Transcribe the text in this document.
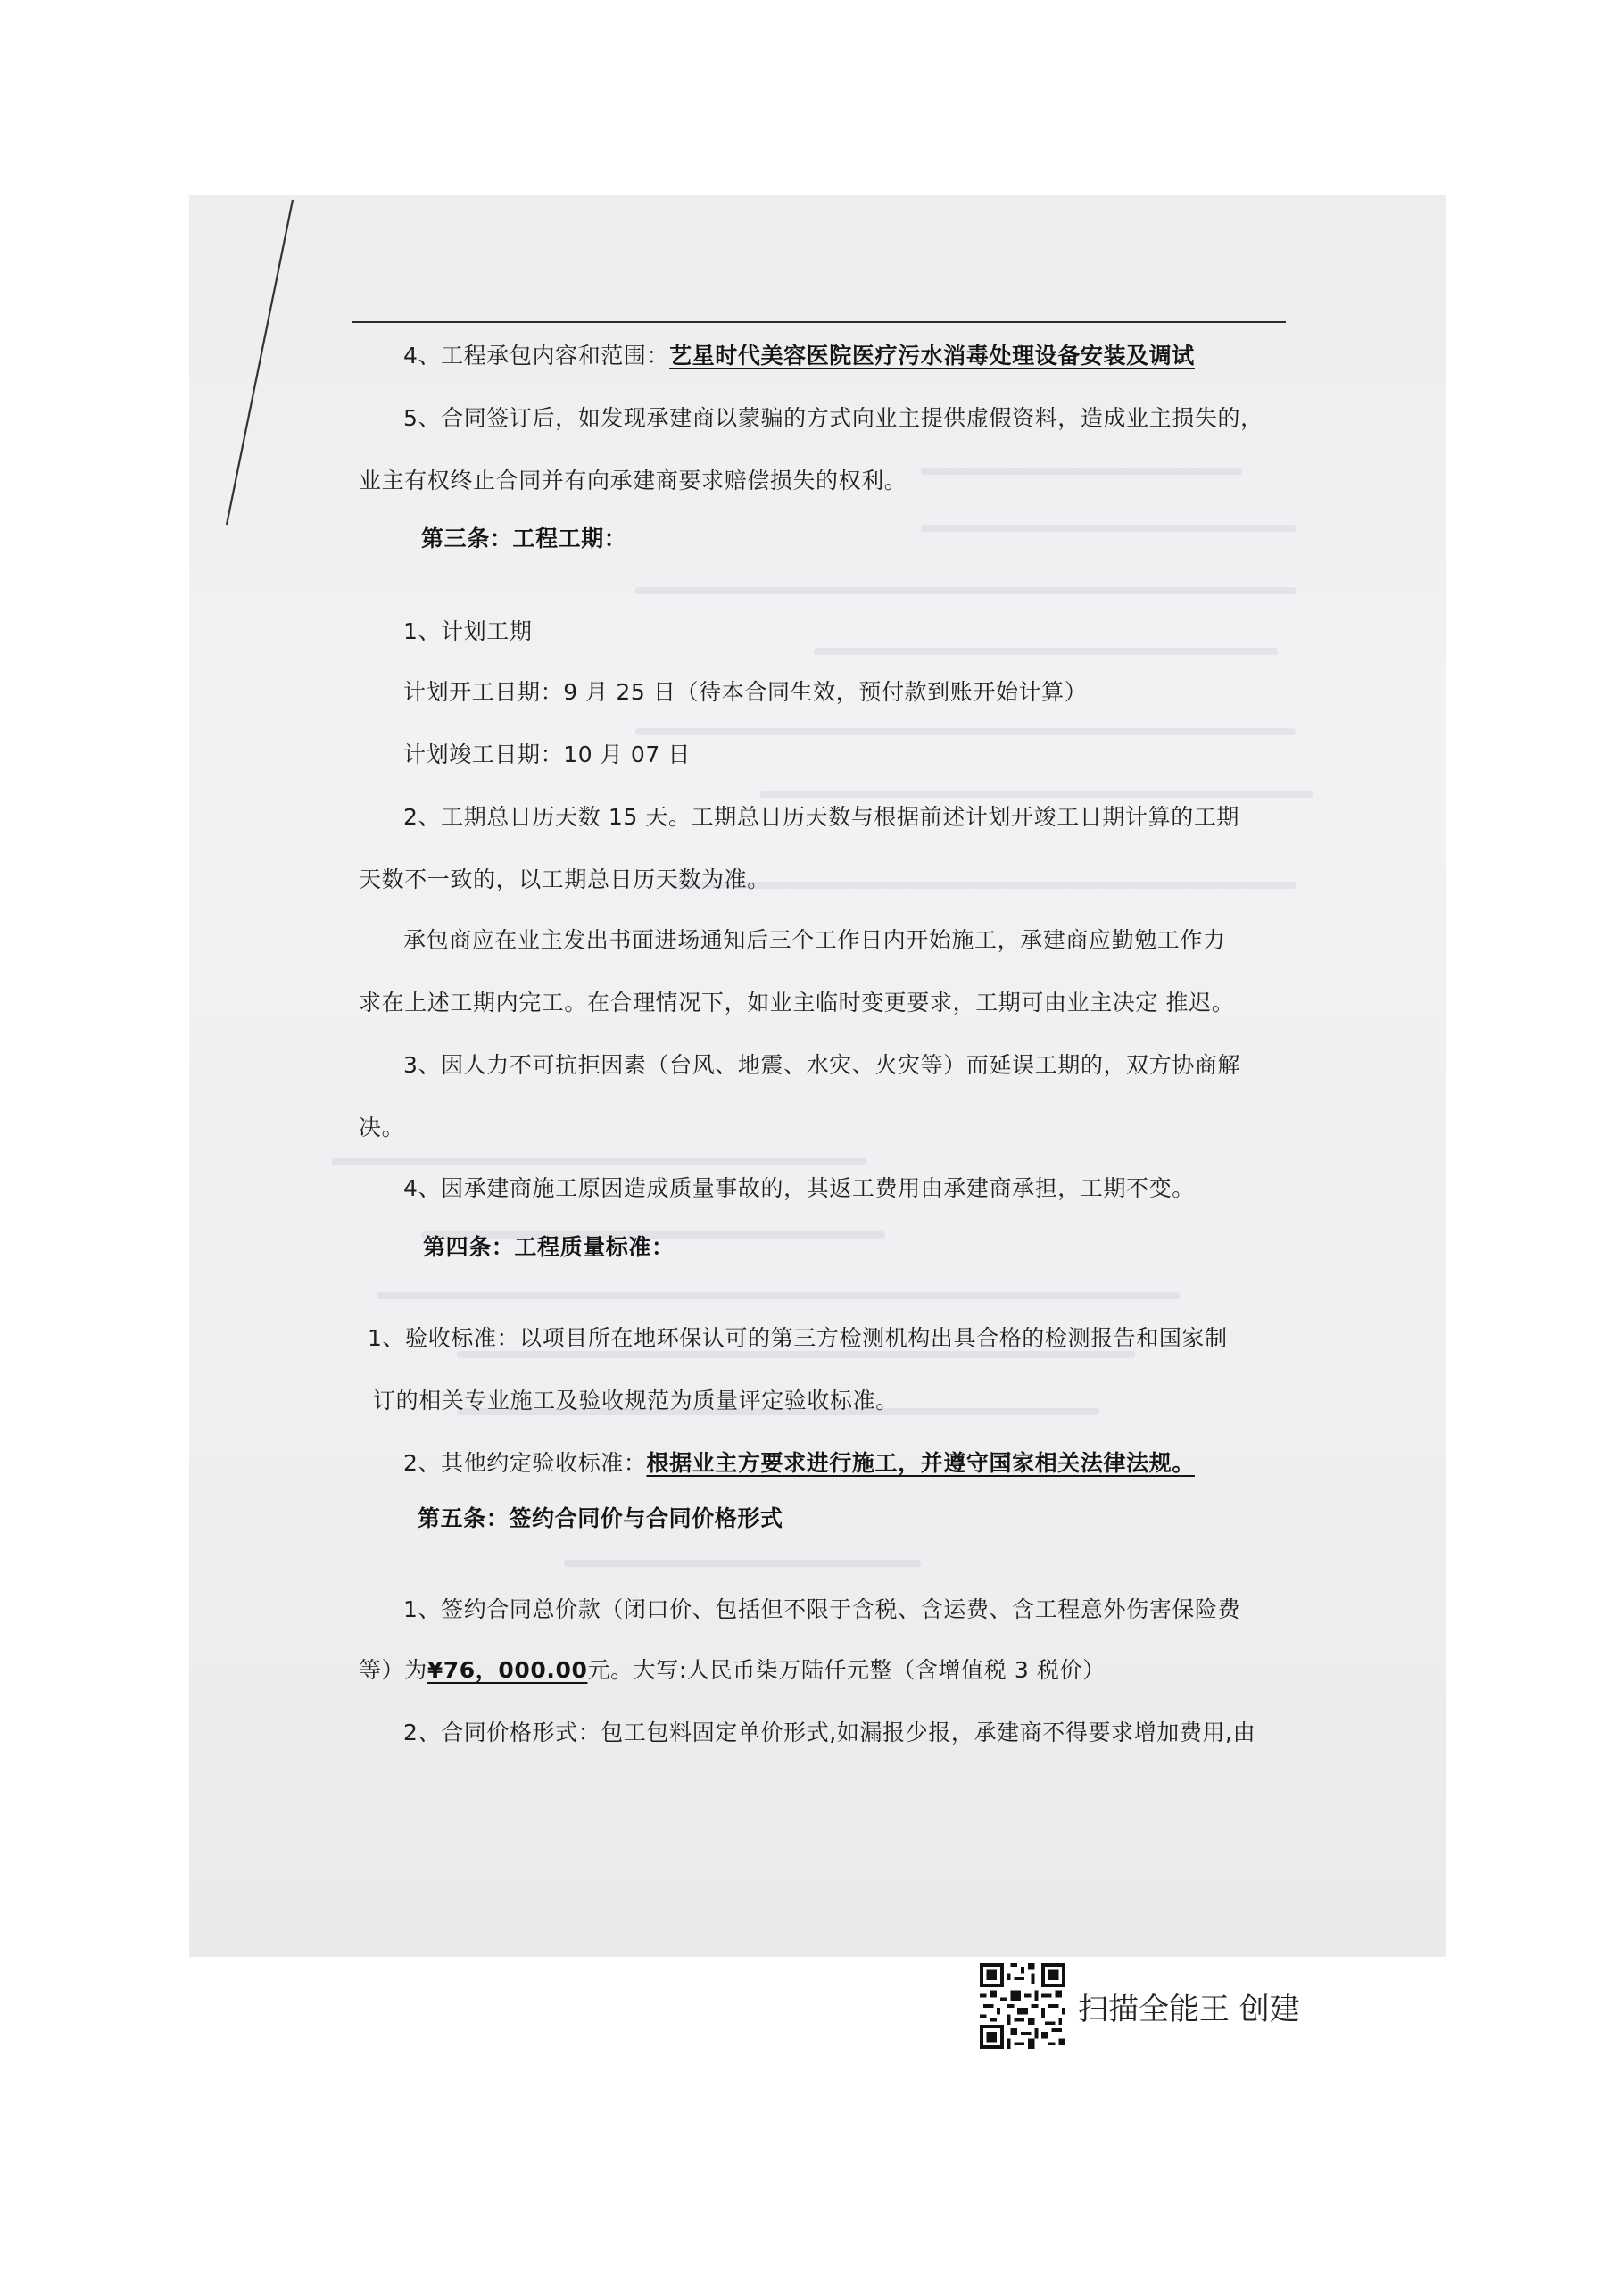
4、工程承包内容和范围：艺星时代美容医院医疗污水消毒处理设备安装及调试
5、合同签订后，如发现承建商以蒙骗的方式向业主提供虚假资料，造成业主损失的，
业主有权终止合同并有向承建商要求赔偿损失的权利。
第三条：工程工期：
1、计划工期
计划开工日期：9 月 25 日（待本合同生效，预付款到账开始计算）
计划竣工日期：10 月 07 日
2、工期总日历天数 15 天。工期总日历天数与根据前述计划开竣工日期计算的工期
天数不一致的，以工期总日历天数为准。
承包商应在业主发出书面进场通知后三个工作日内开始施工，承建商应勤勉工作力
求在上述工期内完工。在合理情况下，如业主临时变更要求，工期可由业主决定 推迟。
3、因人力不可抗拒因素（台风、地震、水灾、火灾等）而延误工期的，双方协商解
决。
4、因承建商施工原因造成质量事故的，其返工费用由承建商承担，工期不变。
第四条：工程质量标准：
1、验收标准：以项目所在地环保认可的第三方检测机构出具合格的检测报告和国家制
订的相关专业施工及验收规范为质量评定验收标准。
2、其他约定验收标准：根据业主方要求进行施工，并遵守国家相关法律法规。
第五条：签约合同价与合同价格形式
1、签约合同总价款（闭口价、包括但不限于含税、含运费、含工程意外伤害保险费
等）为¥76，000.00元。大写:人民币柒万陆仟元整（含增值税 3 税价）
2、合同价格形式：包工包料固定单价形式,如漏报少报，承建商不得要求增加费用,由
扫描全能王 创建
